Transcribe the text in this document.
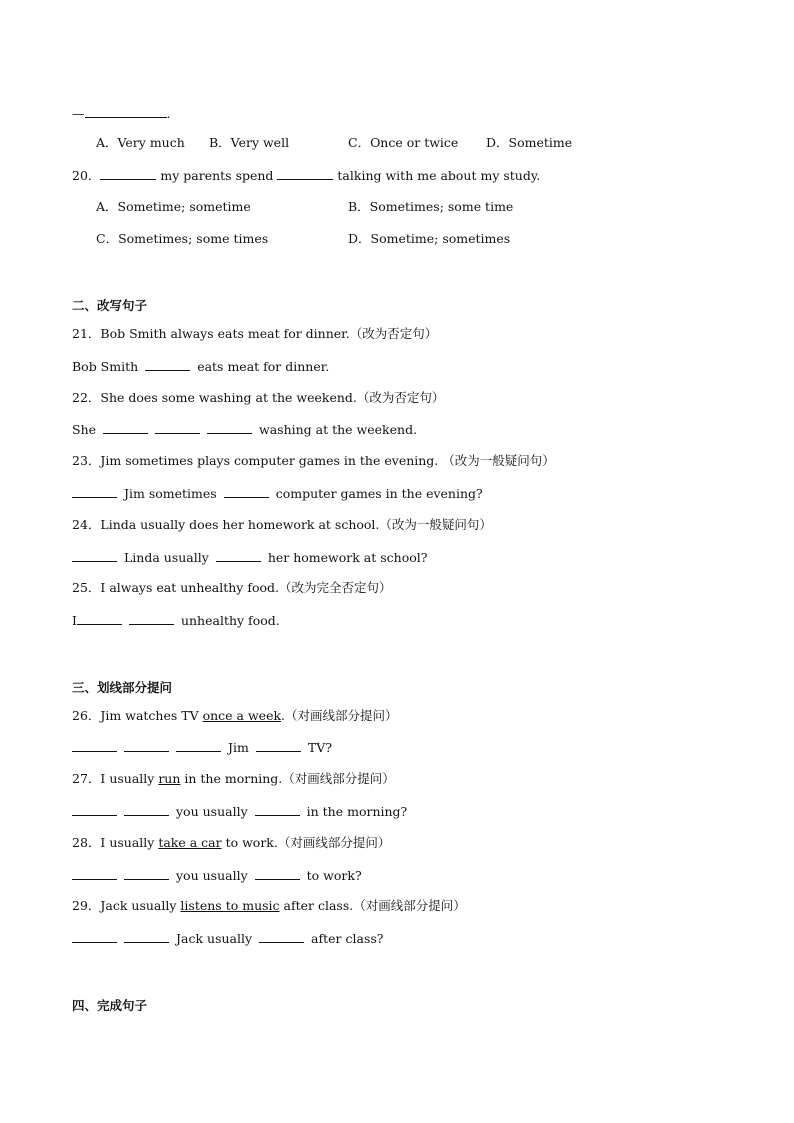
—	.
A．Very much B．Very well	C．Once or twice D．Sometime
20．	my parents spend	talking with me about my study.
A．Sometime; sometime	B．Sometimes; some time
C．Sometimes; some times	D．Sometime; sometimes
二、改写句子
21．Bob Smith always eats meat for dinner.（改为否定句）
Bob Smith	eats meat for dinner.
22．She does some washing at the weekend.（改为否定句）
She	washing at the weekend.
23．Jim sometimes plays computer games in the evening. （改为一般疑问句）
Jim sometimes	computer games in the evening?
24．Linda usually does her homework at school.（改为一般疑问句）
Linda usually	her homework at school?
25．I always eat unhealthy food.（改为完全否定句）
I	unhealthy food.
三、划线部分提问
26．Jim watches TV once a week.（对画线部分提问）
Jim	TV?
27．I usually run in the morning.（对画线部分提问）
you usually	in the morning?
28．I usually take a car to work.（对画线部分提问）
you usually	to work?
29．Jack usually listens to music after class.（对画线部分提问）
Jack usually	after class?
四、完成句子
